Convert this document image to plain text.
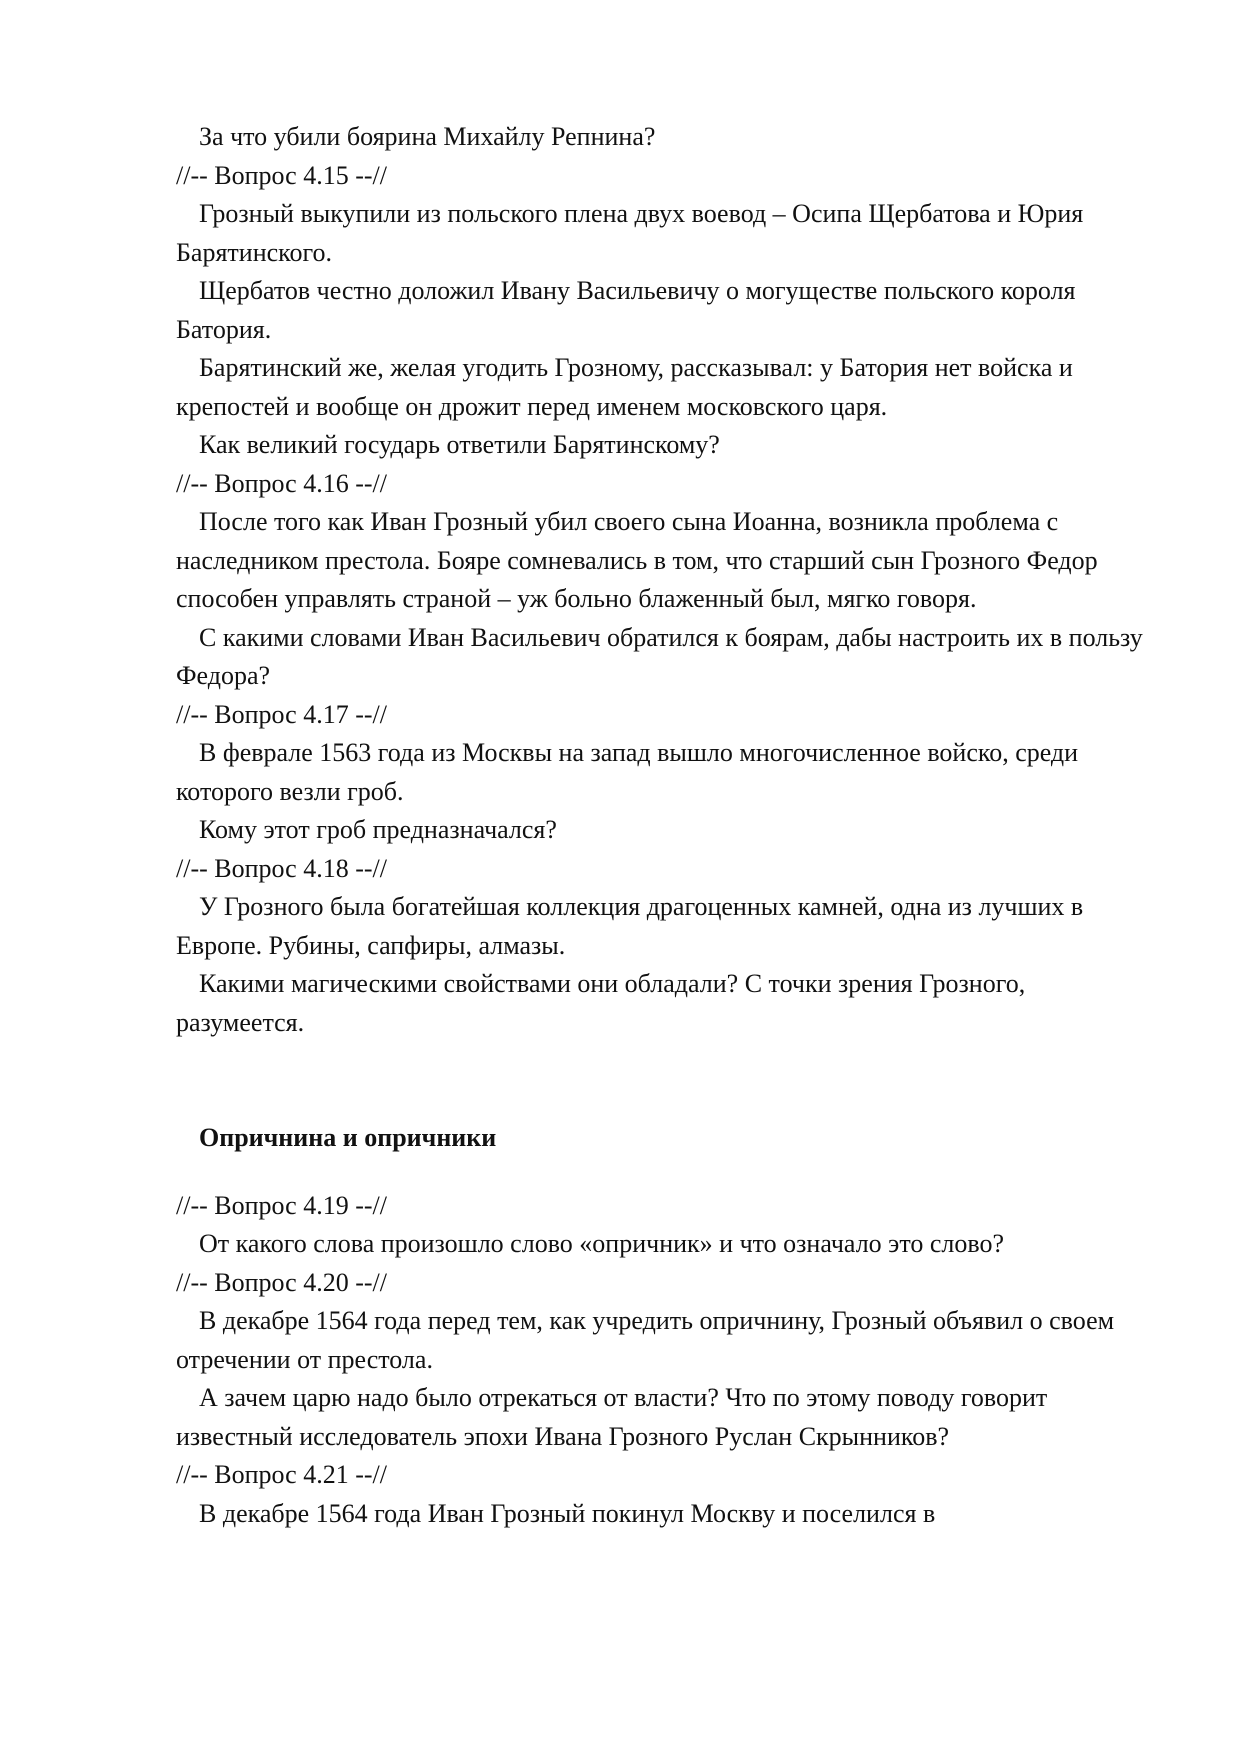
За что убили боярина Михайлу Репнина?

//-- Вопрос 4.15 --//

Грозный выкупили из польского плена двух воевод – Осипа Щербатова и Юрия Барятинского.

Щербатов честно доложил Ивану Васильевичу о могуществе польского короля Батория.

Барятинский же, желая угодить Грозному, рассказывал: у Батория нет войска и крепостей и вообще он дрожит перед именем московского царя.

Как великий государь ответили Барятинскому?

//-- Вопрос 4.16 --//

После того как Иван Грозный убил своего сына Иоанна, возникла проблема с наследником престола. Бояре сомневались в том, что старший сын Грозного Федор способен управлять страной – уж больно блаженный был, мягко говоря.

С какими словами Иван Васильевич обратился к боярам, дабы настроить их в пользу Федора?

//-- Вопрос 4.17 --//

В феврале 1563 года из Москвы на запад вышло многочисленное войско, среди которого везли гроб.

Кому этот гроб предназначался?

//-- Вопрос 4.18 --//

У Грозного была богатейшая коллекция драгоценных камней, одна из лучших в Европе. Рубины, сапфиры, алмазы.

Какими магическими свойствами они обладали? С точки зрения Грозного, разумеется.

Опричнина и опричники

//-- Вопрос 4.19 --//

От какого слова произошло слово «опричник» и что означало это слово?

//-- Вопрос 4.20 --//

В декабре 1564 года перед тем, как учредить опричнину, Грозный объявил о своем отречении от престола.

А зачем царю надо было отрекаться от власти? Что по этому поводу говорит известный исследователь эпохи Ивана Грозного Руслан Скрынников?

//-- Вопрос 4.21 --//

В декабре 1564 года Иван Грозный покинул Москву и поселился в
